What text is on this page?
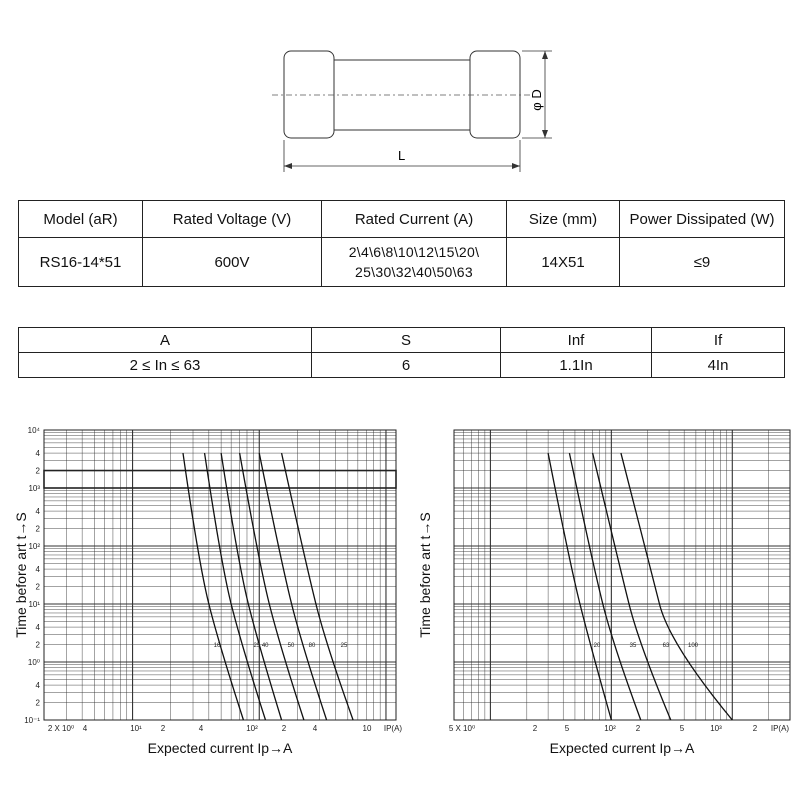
L
φ D
Model (aR)	Rated Voltage (V)	Rated Current (A)	Size (mm)	Power Dissipated (W)
RS16-14*51	600V	2\4\6\8\10\12\15\20\
25\30\32\40\50\63	14X51	≤9
A	S	Inf	If
2 ≤ In ≤ 63	6	1.1In	4In
10⁴
4
2
10³
4
2
10²
4
2
10¹
4
2
10⁰
4
2
10⁻¹
2 X 10⁰ 4	10¹ 2	4	10²	2	4	10 IP(A)
Expected current Ip→A
Time before art t→S
16	25 40	50 80	25
5 X 10⁰	2	5	10² 2	5	10³	2 IP(A)
Expected current Ip→A
Time before art t→S
20	35	63	100
